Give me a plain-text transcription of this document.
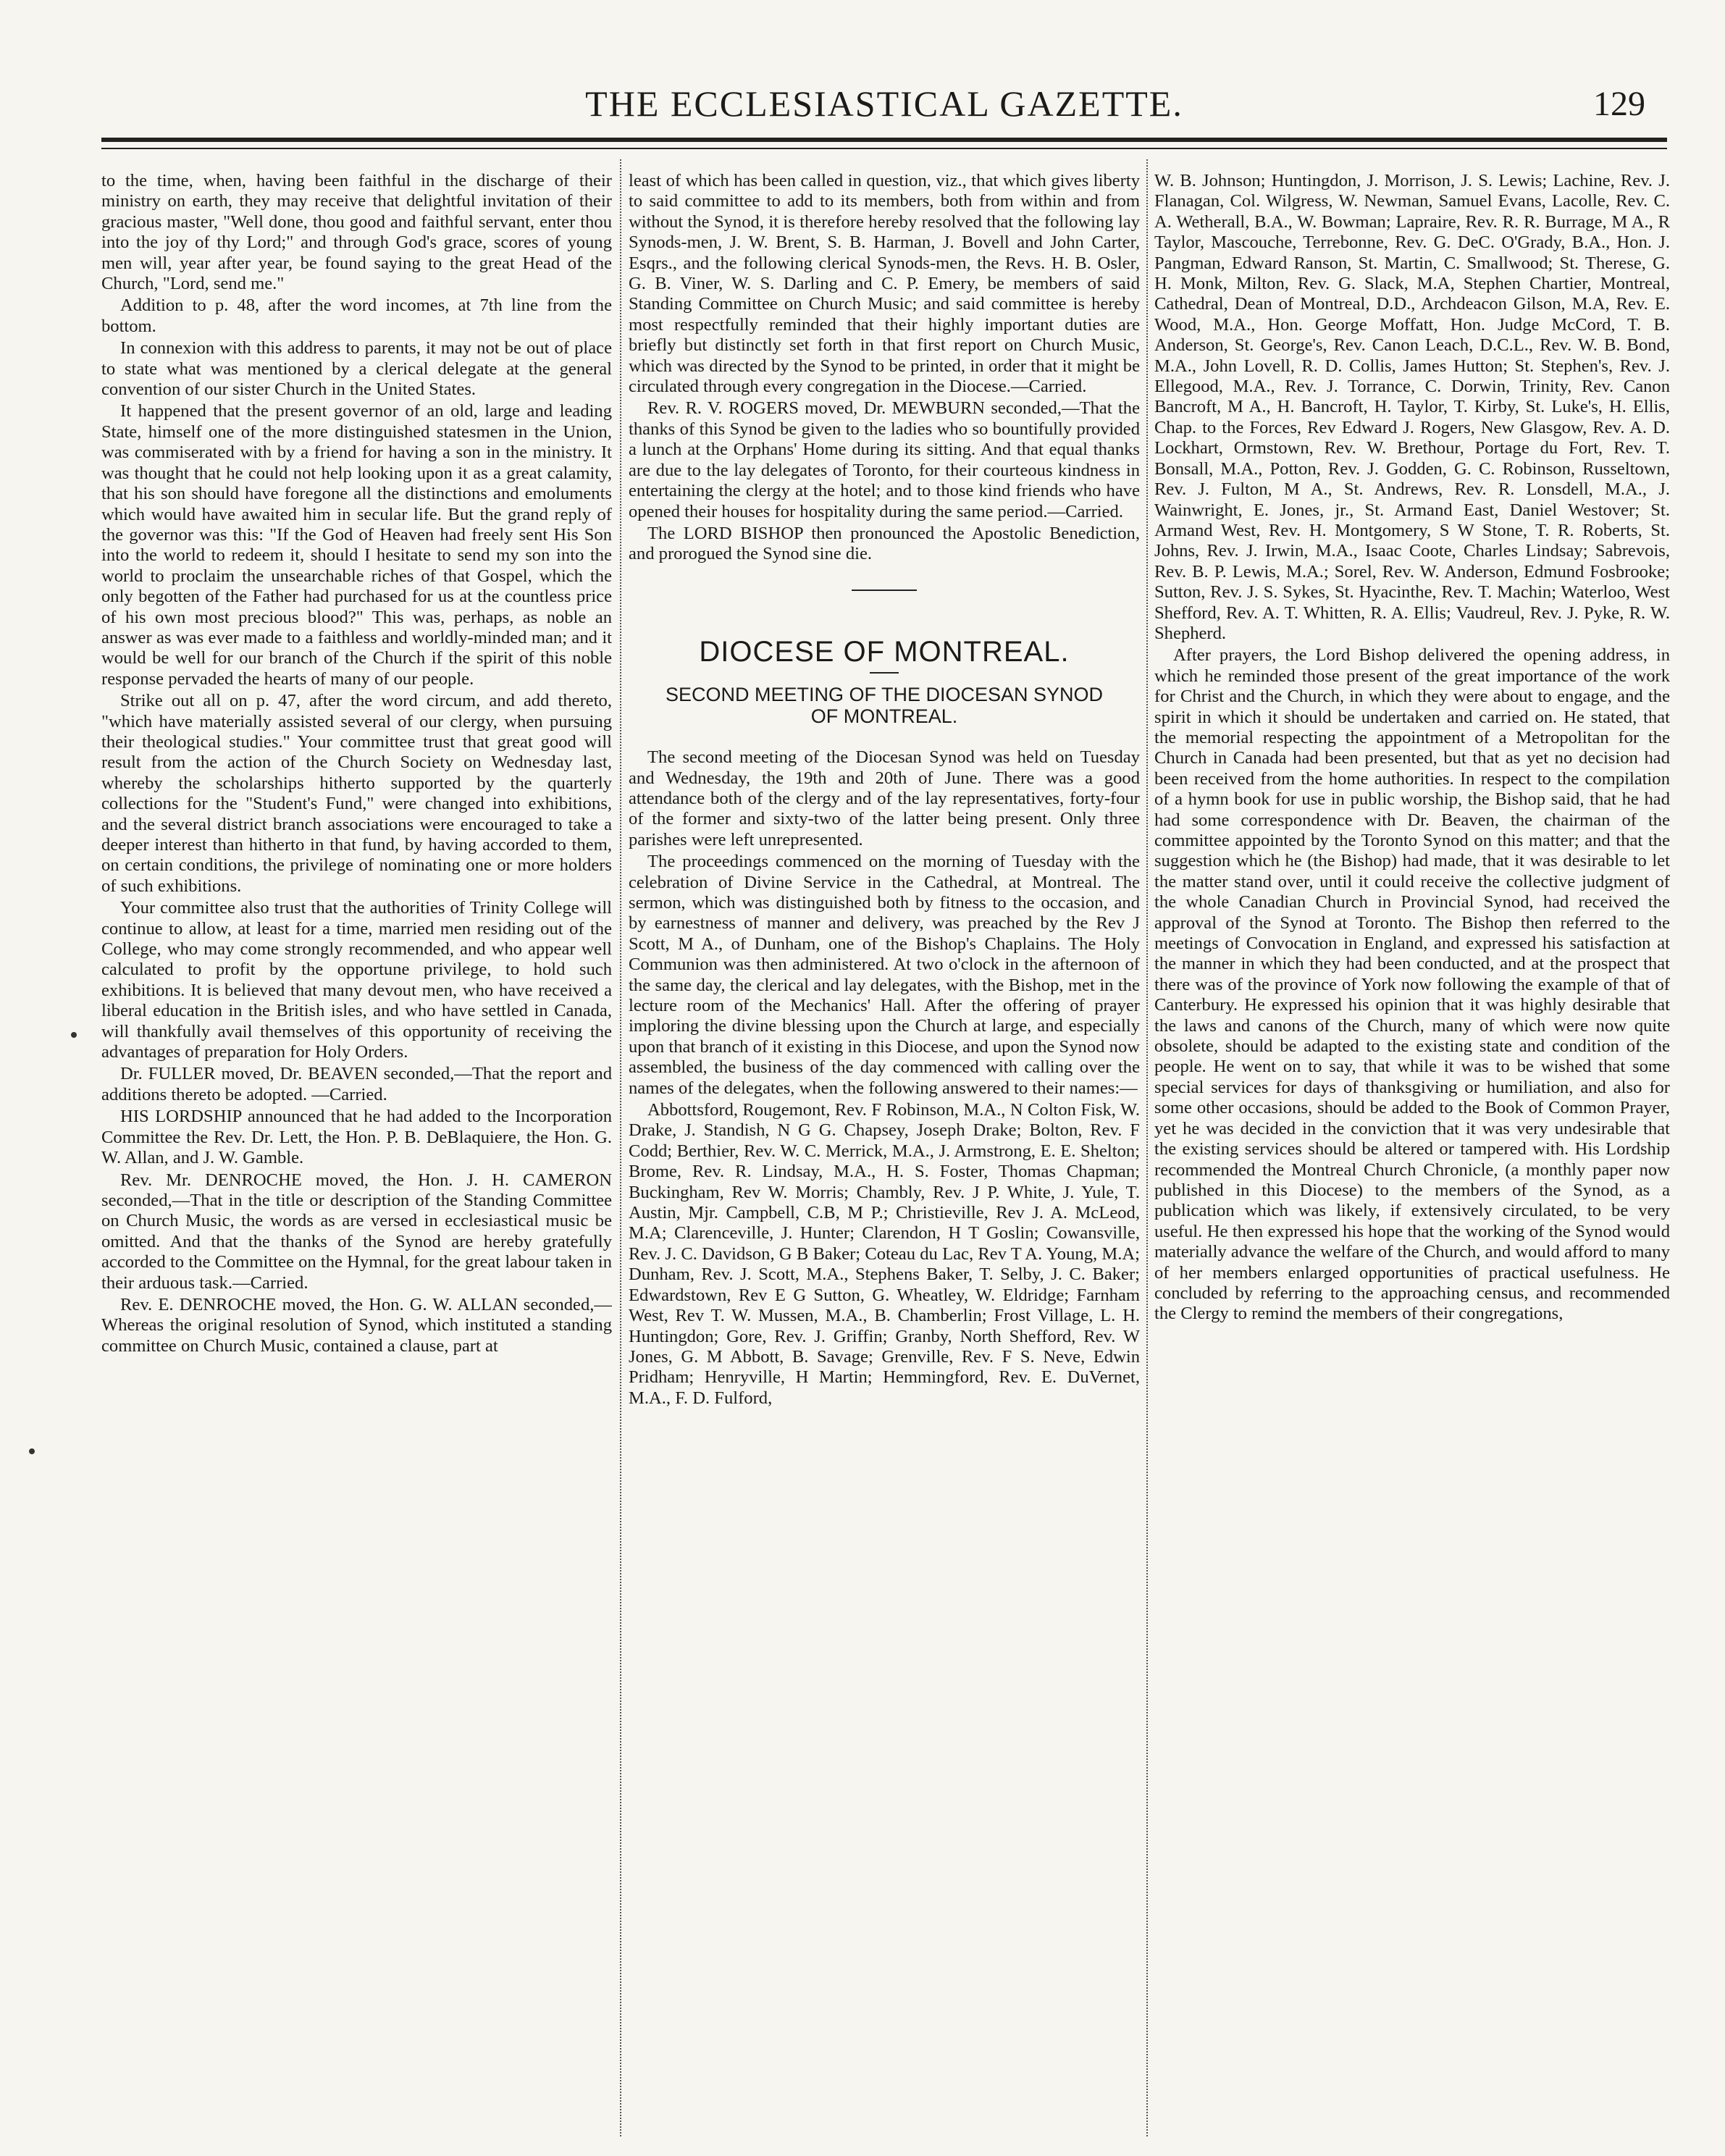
THE ECCLESIASTICAL GAZETTE.	129

to the time, when, having been faithful in the discharge of their ministry on earth, they may receive that delightful invitation of their gracious master, "Well done, thou good and faithful servant, enter thou into the joy of thy Lord;" and through God's grace, scores of young men will, year after year, be found saying to the great Head of the Church, "Lord, send me."

Addition to p. 48, after the word incomes, at 7th line from the bottom.

In connexion with this address to parents, it may not be out of place to state what was mentioned by a clerical delegate at the general convention of our sister Church in the United States.

It happened that the present governor of an old, large and leading State, himself one of the more distinguished statesmen in the Union, was commiserated with by a friend for having a son in the ministry. It was thought that he could not help looking upon it as a great calamity, that his son should have foregone all the distinctions and emoluments which would have awaited him in secular life. But the grand reply of the governor was this: "If the God of Heaven had freely sent His Son into the world to redeem it, should I hesitate to send my son into the world to proclaim the unsearchable riches of that Gospel, which the only begotten of the Father had purchased for us at the countless price of his own most precious blood?" This was, perhaps, as noble an answer as was ever made to a faithless and worldly-minded man; and it would be well for our branch of the Church if the spirit of this noble response pervaded the hearts of many of our people.

Strike out all on p. 47, after the word circum, and add thereto, "which have materially assisted several of our clergy, when pursuing their theological studies." Your committee trust that great good will result from the action of the Church Society on Wednesday last, whereby the scholarships hitherto supported by the quarterly collections for the "Student's Fund," were changed into exhibitions, and the several district branch associations were encouraged to take a deeper interest than hitherto in that fund, by having accorded to them, on certain conditions, the privilege of nominating one or more holders of such exhibitions.

Your committee also trust that the authorities of Trinity College will continue to allow, at least for a time, married men residing out of the College, who may come strongly recommended, and who appear well calculated to profit by the opportune privilege, to hold such exhibitions. It is believed that many devout men, who have received a liberal education in the British isles, and who have settled in Canada, will thankfully avail themselves of this opportunity of receiving the advantages of preparation for Holy Orders.

Dr. FULLER moved, Dr. BEAVEN seconded,—That the report and additions thereto be adopted. —Carried.

HIS LORDSHIP announced that he had added to the Incorporation Committee the Rev. Dr. Lett, the Hon. P. B. DeBlaquiere, the Hon. G. W. Allan, and J. W. Gamble.

Rev. Mr. DENROCHE moved, the Hon. J. H. CAMERON seconded,—That in the title or description of the Standing Committee on Church Music, the words as are versed in ecclesiastical music be omitted. And that the thanks of the Synod are hereby gratefully accorded to the Committee on the Hymnal, for the great labour taken in their arduous task.—Carried.

Rev. E. DENROCHE moved, the Hon. G. W. ALLAN seconded,—Whereas the original resolution of Synod, which instituted a standing committee on Church Music, contained a clause, part at

least of which has been called in question, viz., that which gives liberty to said committee to add to its members, both from within and from without the Synod, it is therefore hereby resolved that the following lay Synods-men, J. W. Brent, S. B. Harman, J. Bovell and John Carter, Esqrs., and the following clerical Synods-men, the Revs. H. B. Osler, G. B. Viner, W. S. Darling and C. P. Emery, be members of said Standing Committee on Church Music; and said committee is hereby most respectfully reminded that their highly important duties are briefly but distinctly set forth in that first report on Church Music, which was directed by the Synod to be printed, in order that it might be circulated through every congregation in the Diocese.—Carried.

Rev. R. V. ROGERS moved, Dr. MEWBURN seconded,—That the thanks of this Synod be given to the ladies who so bountifully provided a lunch at the Orphans' Home during its sitting. And that equal thanks are due to the lay delegates of Toronto, for their courteous kindness in entertaining the clergy at the hotel; and to those kind friends who have opened their houses for hospitality during the same period.—Carried.

The LORD BISHOP then pronounced the Apostolic Benediction, and prorogued the Synod sine die.

DIOCESE OF MONTREAL.
SECOND MEETING OF THE DIOCESAN SYNOD OF MONTREAL.

The second meeting of the Diocesan Synod was held on Tuesday and Wednesday, the 19th and 20th of June. There was a good attendance both of the clergy and of the lay representatives, forty-four of the former and sixty-two of the latter being present. Only three parishes were left unrepresented.

The proceedings commenced on the morning of Tuesday with the celebration of Divine Service in the Cathedral, at Montreal. The sermon, which was distinguished both by fitness to the occasion, and by earnestness of manner and delivery, was preached by the Rev J Scott, M A., of Dunham, one of the Bishop's Chaplains. The Holy Communion was then administered. At two o'clock in the afternoon of the same day, the clerical and lay delegates, with the Bishop, met in the lecture room of the Mechanics' Hall. After the offering of prayer imploring the divine blessing upon the Church at large, and especially upon that branch of it existing in this Diocese, and upon the Synod now assembled, the business of the day commenced with calling over the names of the delegates, when the following answered to their names:—

Abbottsford, Rougemont, Rev. F Robinson, M.A., N Colton Fisk, W. Drake, J. Standish, N G G. Chapsey, Joseph Drake; Bolton, Rev. F Codd; Berthier, Rev. W. C. Merrick, M.A., J. Armstrong, E. E. Shelton; Brome, Rev. R. Lindsay, M.A., H. S. Foster, Thomas Chapman; Buckingham, Rev W. Morris; Chambly, Rev. J P. White, J. Yule, T. Austin, Mjr. Campbell, C.B, M P.; Christieville, Rev J. A. McLeod, M.A; Clarenceville, J. Hunter; Clarendon, H T Goslin; Cowansville, Rev. J. C. Davidson, G B Baker; Coteau du Lac, Rev T A. Young, M.A; Dunham, Rev. J. Scott, M.A., Stephens Baker, T. Selby, J. C. Baker; Edwardstown, Rev E G Sutton, G. Wheatley, W. Eldridge; Farnham West, Rev T. W. Mussen, M.A., B. Chamberlin; Frost Village, L. H. Huntingdon; Gore, Rev. J. Griffin; Granby, North Shefford, Rev. W Jones, G. M Abbott, B. Savage; Grenville, Rev. F S. Neve, Edwin Pridham; Henryville, H Martin; Hemmingford, Rev. E. DuVernet, M.A., F. D. Fulford,

W. B. Johnson; Huntingdon, J. Morrison, J. S. Lewis; Lachine, Rev. J. Flanagan, Col. Wilgress, W. Newman, Samuel Evans, Lacolle, Rev. C. A. Wetherall, B.A., W. Bowman; Lapraire, Rev. R. R. Burrage, M A., R Taylor, Mascouche, Terrebonne, Rev. G. DeC. O'Grady, B.A., Hon. J. Pangman, Edward Ranson, St. Martin, C. Smallwood; St. Therese, G. H. Monk, Milton, Rev. G. Slack, M.A, Stephen Chartier, Montreal, Cathedral, Dean of Montreal, D.D., Archdeacon Gilson, M.A, Rev. E. Wood, M.A., Hon. George Moffatt, Hon. Judge McCord, T. B. Anderson, St. George's, Rev. Canon Leach, D.C.L., Rev. W. B. Bond, M.A., John Lovell, R. D. Collis, James Hutton; St. Stephen's, Rev. J. Ellegood, M.A., Rev. J. Torrance, C. Dorwin, Trinity, Rev. Canon Bancroft, M A., H. Bancroft, H. Taylor, T. Kirby, St. Luke's, H. Ellis, Chap. to the Forces, Rev Edward J. Rogers, New Glasgow, Rev. A. D. Lockhart, Ormstown, Rev. W. Brethour, Portage du Fort, Rev. T. Bonsall, M.A., Potton, Rev. J. Godden, G. C. Robinson, Russeltown, Rev. J. Fulton, M A., St. Andrews, Rev. R. Lonsdell, M.A., J. Wainwright, E. Jones, jr., St. Armand East, Daniel Westover; St. Armand West, Rev. H. Montgomery, S W Stone, T. R. Roberts, St. Johns, Rev. J. Irwin, M.A., Isaac Coote, Charles Lindsay; Sabrevois, Rev. B. P. Lewis, M.A.; Sorel, Rev. W. Anderson, Edmund Fosbrooke; Sutton, Rev. J. S. Sykes, St. Hyacinthe, Rev. T. Machin; Waterloo, West Shefford, Rev. A. T. Whitten, R. A. Ellis; Vaudreul, Rev. J. Pyke, R. W. Shepherd.

After prayers, the Lord Bishop delivered the opening address, in which he reminded those present of the great importance of the work for Christ and the Church, in which they were about to engage, and the spirit in which it should be undertaken and carried on. He stated, that the memorial respecting the appointment of a Metropolitan for the Church in Canada had been presented, but that as yet no decision had been received from the home authorities. In respect to the compilation of a hymn book for use in public worship, the Bishop said, that he had had some correspondence with Dr. Beaven, the chairman of the committee appointed by the Toronto Synod on this matter; and that the suggestion which he (the Bishop) had made, that it was desirable to let the matter stand over, until it could receive the collective judgment of the whole Canadian Church in Provincial Synod, had received the approval of the Synod at Toronto. The Bishop then referred to the meetings of Convocation in England, and expressed his satisfaction at the manner in which they had been conducted, and at the prospect that there was of the province of York now following the example of that of Canterbury. He expressed his opinion that it was highly desirable that the laws and canons of the Church, many of which were now quite obsolete, should be adapted to the existing state and condition of the people. He went on to say, that while it was to be wished that some special services for days of thanksgiving or humiliation, and also for some other occasions, should be added to the Book of Common Prayer, yet he was decided in the conviction that it was very undesirable that the existing services should be altered or tampered with. His Lordship recommended the Montreal Church Chronicle, (a monthly paper now published in this Diocese) to the members of the Synod, as a publication which was likely, if extensively circulated, to be very useful. He then expressed his hope that the working of the Synod would materially advance the welfare of the Church, and would afford to many of her members enlarged opportunities of practical usefulness. He concluded by referring to the approaching census, and recommended the Clergy to remind the members of their congregations,
